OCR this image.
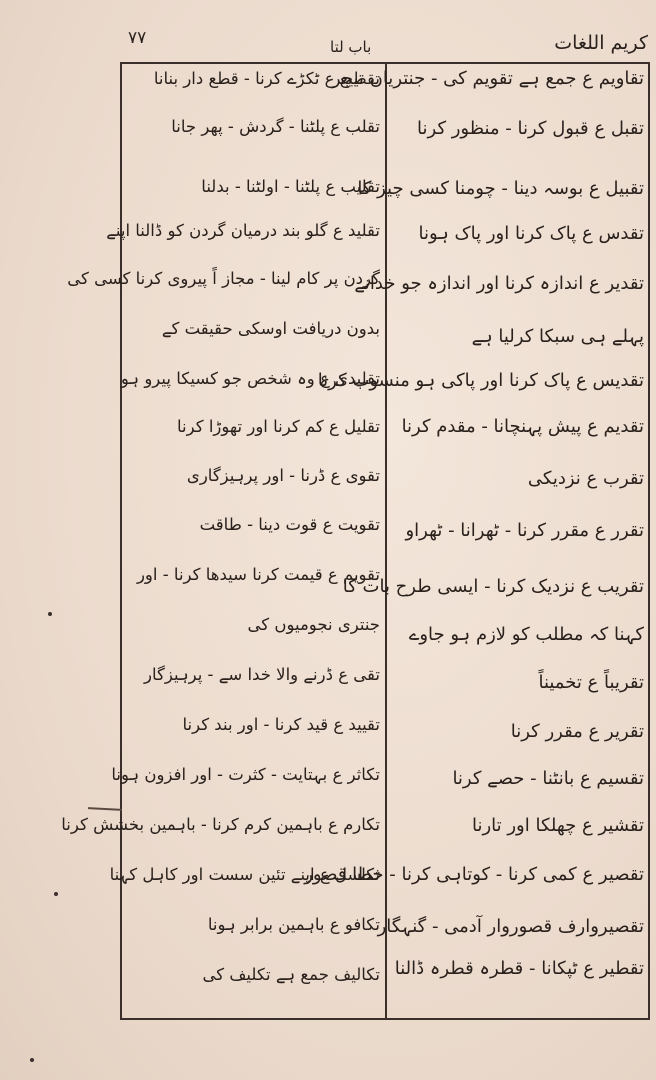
۷۷	باب لتا	کریم اللغات
تقاویم ع جمع ہے تقویم کی - جنتریاں تیجر
تقبل ع قبول کرنا - منظور کرنا
تقبیل ع بوسہ دینا - چومنا کسی چیز کا
تقدس ع پاک کرنا اور پاک ہونا
تقدیر ع اندازہ کرنا اور اندازہ جو خدانے
پہلے ہی سبکا کرلیا ہے
تقدیس ع پاک کرنا اور پاکی ہو منسوب کرنا
تقدیم ع پیش پہنچانا - مقدم کرنا
تقرب ع نزدیکی
تقرر ع مقرر کرنا - ٹھرانا - ٹھراو
تقریب ع نزدیک کرنا - ایسی طرح بات کا
کہنا کہ مطلب کو لازم ہو جاوے
تقریباً ع تخمیناً
تقریر ع مقرر کرنا
تقسیم ع بانٹنا - حصے کرنا
تقشیر ع چھلکا اور تارنا
تقصیر ع کمی کرنا - کوتاہی کرنا - خطا قصور
تقصیروارف قصوروار آدمی - گنہگار
تقطیر ع ٹپکانا - قطرہ قطرہ ڈالنا
تقطیع ع ٹکڑے کرنا - قطع دار بنانا
تقلب ع پلٹنا - گردش - پھر جانا
تقلیب ع پلٹنا - اولٹنا - بدلنا
تقلید ع گلو بند درمیان گردن کو ڈالنا اپنے
گردن پر کام لینا - مجاز اً پیروی کرنا کسی کی
بدون دریافت اوسکی حقیقت کے
تقلیدی ع وہ شخص جو کسیکا پیرو ہو
تقلیل ع کم کرنا اور تھوڑا کرنا
تقوی ع ڈرنا - اور پرہیزگاری
تقویت ع قوت دینا - طاقت
تقویم ع قیمت کرنا سیدھا کرنا - اور
جنتری نجومیوں کی
تقی ع ڈرنے والا خدا سے - پرہیزگار
تقیید ع قید کرنا - اور بند کرنا
تکاثر ع بہتایت - کثرت - اور افزون ہونا
تکارم ع باہمین کرم کرنا - باہمین بخشش کرنا
تکاسل ع اپنے تئین سست اور کاہل کہنا
تکافو ع باہمین برابر ہونا
تکالیف جمع ہے تکلیف کی
